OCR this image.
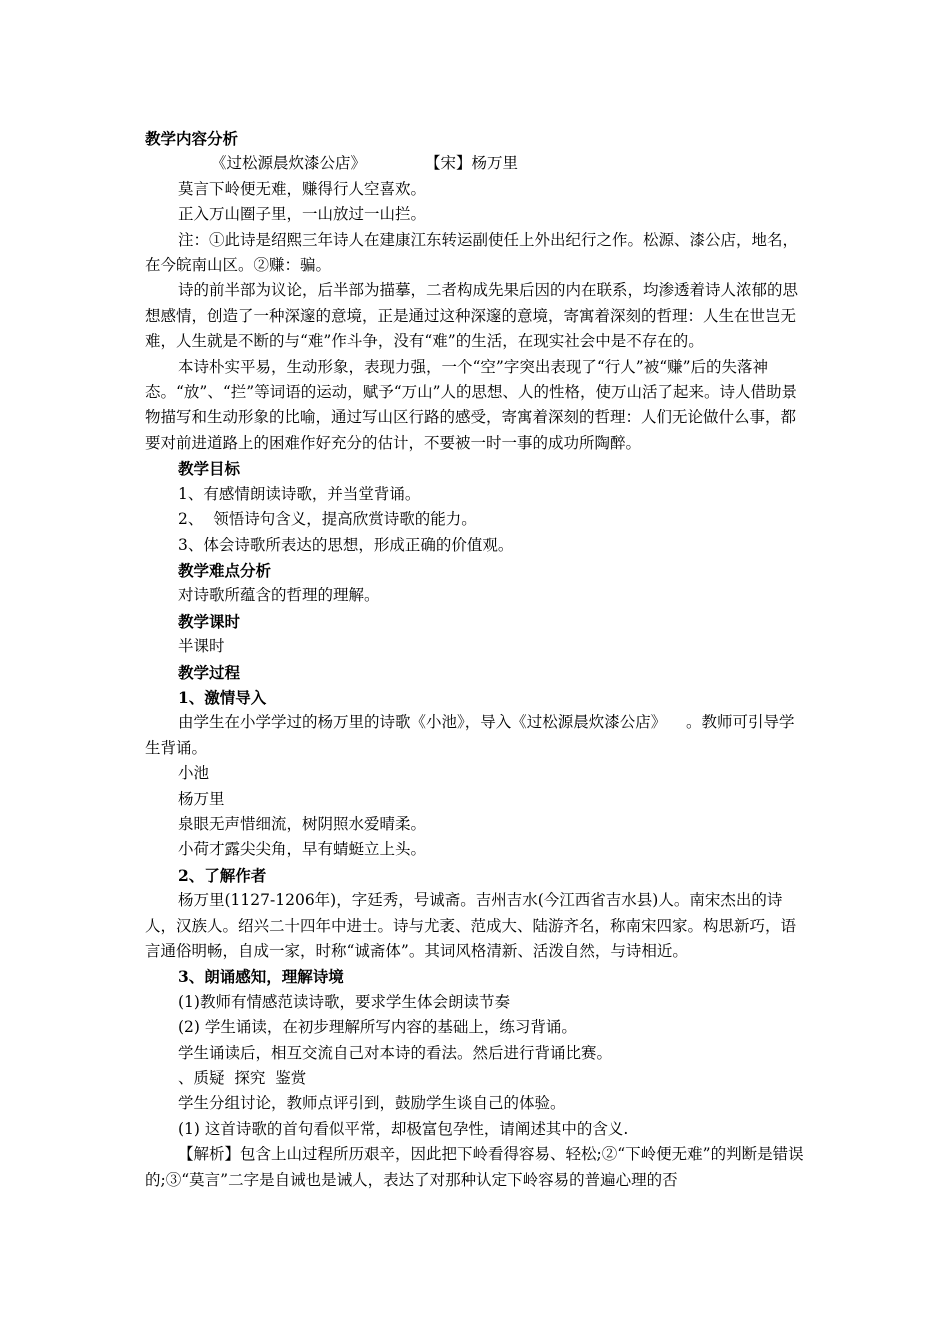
教学内容分析

《过松源晨炊漆公店》	【宋】杨万里

莫言下岭便无难，赚得行人空喜欢。

正入万山圈子里，一山放过一山拦。

注：①此诗是绍熙三年诗人在建康江东转运副使任上外出纪行之作。松源、漆公店，地名，在今皖南山区。②赚：骗。

诗的前半部为议论，后半部为描摹，二者构成先果后因的内在联系，均渗透着诗人浓郁的思想感情，创造了一种深邃的意境，正是通过这种深邃的意境，寄寓着深刻的哲理：人生在世岂无难，人生就是不断的与“难”作斗争，没有“难”的生活，在现实社会中是不存在的。

本诗朴实平易，生动形象，表现力强，一个“空”字突出表现了“行人”被“赚”后的失落神态。“放”、“拦”等词语的运动，赋予“万山”人的思想、人的性格，使万山活了起来。诗人借助景物描写和生动形象的比喻，通过写山区行路的感受，寄寓着深刻的哲理：人们无论做什么事，都要对前进道路上的困难作好充分的估计，不要被一时一事的成功所陶醉。

教学目标

1、有感情朗读诗歌，并当堂背诵。

2、  领悟诗句含义，提高欣赏诗歌的能力。

3、体会诗歌所表达的思想，形成正确的价值观。

教学难点分析

对诗歌所蕴含的哲理的理解。

教学课时

半课时

教学过程

1、激情导入

由学生在小学学过的杨万里的诗歌《小池》，导入《过松源晨炊漆公店》    。教师可引导学生背诵。

小池

杨万里

泉眼无声惜细流，树阴照水爱晴柔。

小荷才露尖尖角，早有蜻蜓立上头。

2、了解作者

杨万里(1127-1206年)，字廷秀，号诚斋。吉州吉水(今江西省吉水县)人。南宋杰出的诗人，汉族人。绍兴二十四年中进士。诗与尤袤、范成大、陆游齐名，称南宋四家。构思新巧，语言通俗明畅，自成一家，时称“诚斋体”。其词风格清新、活泼自然，与诗相近。

3、朗诵感知，理解诗境

(1)教师有情感范读诗歌，要求学生体会朗读节奏

(2) 学生诵读，在初步理解所写内容的基础上，练习背诵。

学生诵读后，相互交流自己对本诗的看法。然后进行背诵比赛。

、质疑  探究  鉴赏

学生分组讨论，教师点评引到，鼓励学生谈自己的体验。

(1) 这首诗歌的首句看似平常，却极富包孕性，请阐述其中的含义.

【解析】包含上山过程所历艰辛，因此把下岭看得容易、轻松;②“下岭便无难”的判断是错误的;③“莫言”二字是自诫也是诫人，表达了对那种认定下岭容易的普遍心理的否
